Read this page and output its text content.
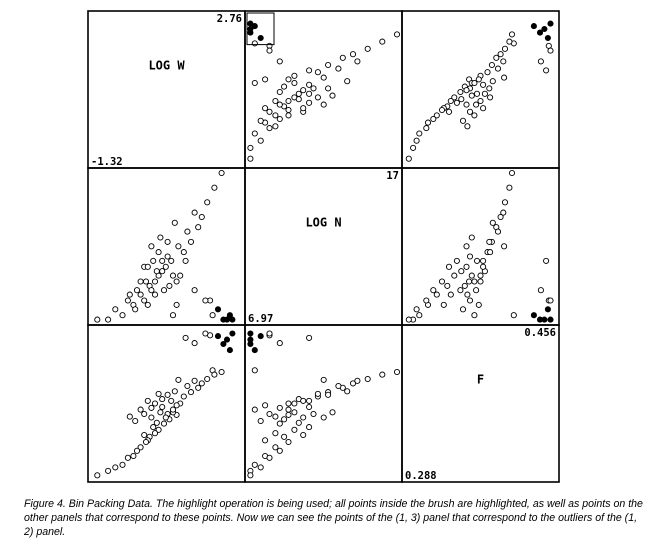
LOG W
2.76
-1.32
LOG N
17
6.97
F
0.456
0.288

Figure 4. Bin Packing Data. The highlight operation is being used; all points inside the brush are highlighted, as well as points on the other panels that correspond to these points. Now we can see the points of the (1, 3) panel that correspond to the outliers of the (1, 2) panel.
